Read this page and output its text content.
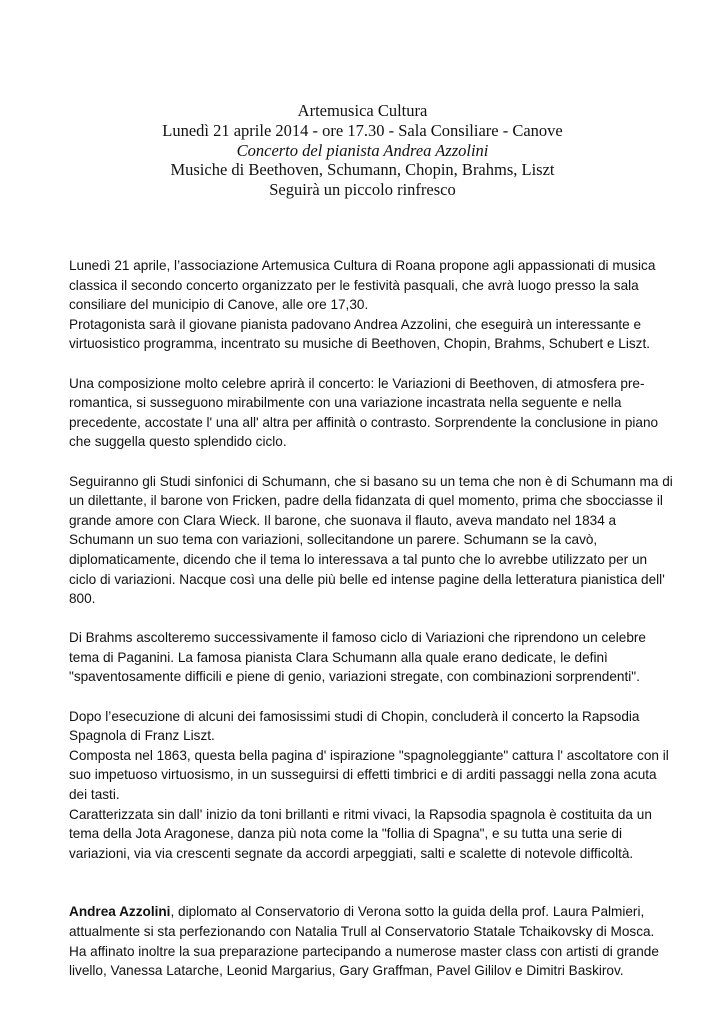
Artemusica Cultura
Lunedì 21 aprile 2014 - ore 17.30 - Sala Consiliare - Canove
Concerto del pianista Andrea Azzolini
Musiche di Beethoven, Schumann, Chopin, Brahms, Liszt
Seguirà un piccolo rinfresco

Lunedì 21 aprile, l’associazione Artemusica Cultura di Roana propone agli appassionati di musica
classica il secondo concerto organizzato per le festività pasquali, che avrà luogo presso la sala
consiliare del municipio di Canove, alle ore 17,30.
Protagonista sarà il giovane pianista padovano Andrea Azzolini, che eseguirà un interessante e
virtuosistico programma, incentrato su musiche di Beethoven, Chopin, Brahms, Schubert e Liszt.

Una composizione molto celebre aprirà il concerto: le Variazioni di Beethoven, di atmosfera pre-
romantica, si susseguono mirabilmente con una variazione incastrata nella seguente e nella
precedente, accostate l' una all' altra per affinità o contrasto. Sorprendente la conclusione in piano
che suggella questo splendido ciclo.

Seguiranno gli Studi sinfonici di Schumann, che si basano su un tema che non è di Schumann ma di
un dilettante, il barone von Fricken, padre della fidanzata di quel momento, prima che sbocciasse il
grande amore con Clara Wieck. Il barone, che suonava il flauto, aveva mandato nel 1834 a
Schumann un suo tema con variazioni, sollecitandone un parere. Schumann se la cavò,
diplomaticamente, dicendo che il tema lo interessava a tal punto che lo avrebbe utilizzato per un
ciclo di variazioni. Nacque così una delle più belle ed intense pagine della letteratura pianistica dell'
800.

Di Brahms ascolteremo successivamente il famoso ciclo di Variazioni che riprendono un celebre
tema di Paganini. La famosa pianista Clara Schumann alla quale erano dedicate, le definì
"spaventosamente difficili e piene di genio, variazioni stregate, con combinazioni sorprendenti".

Dopo l’esecuzione di alcuni dei famosissimi studi di Chopin, concluderà il concerto la Rapsodia
Spagnola di Franz Liszt.
Composta nel 1863, questa bella pagina d' ispirazione "spagnoleggiante" cattura l' ascoltatore con il
suo impetuoso virtuosismo, in un susseguirsi di effetti timbrici e di arditi passaggi nella zona acuta
dei tasti.
Caratterizzata sin dall' inizio da toni brillanti e ritmi vivaci, la Rapsodia spagnola è costituita da un
tema della Jota Aragonese, danza più nota come la "follia di Spagna", e su tutta una serie di
variazioni, via via crescenti segnate da accordi arpeggiati, salti e scalette di notevole difficoltà.

Andrea Azzolini, diplomato al Conservatorio di Verona sotto la guida della prof. Laura Palmieri,
attualmente si sta perfezionando con Natalia Trull al Conservatorio Statale Tchaikovsky di Mosca.
Ha affinato inoltre la sua preparazione partecipando a numerose master class con artisti di grande
livello, Vanessa Latarche, Leonid Margarius, Gary Graffman, Pavel Gililov e Dimitri Baskirov.
